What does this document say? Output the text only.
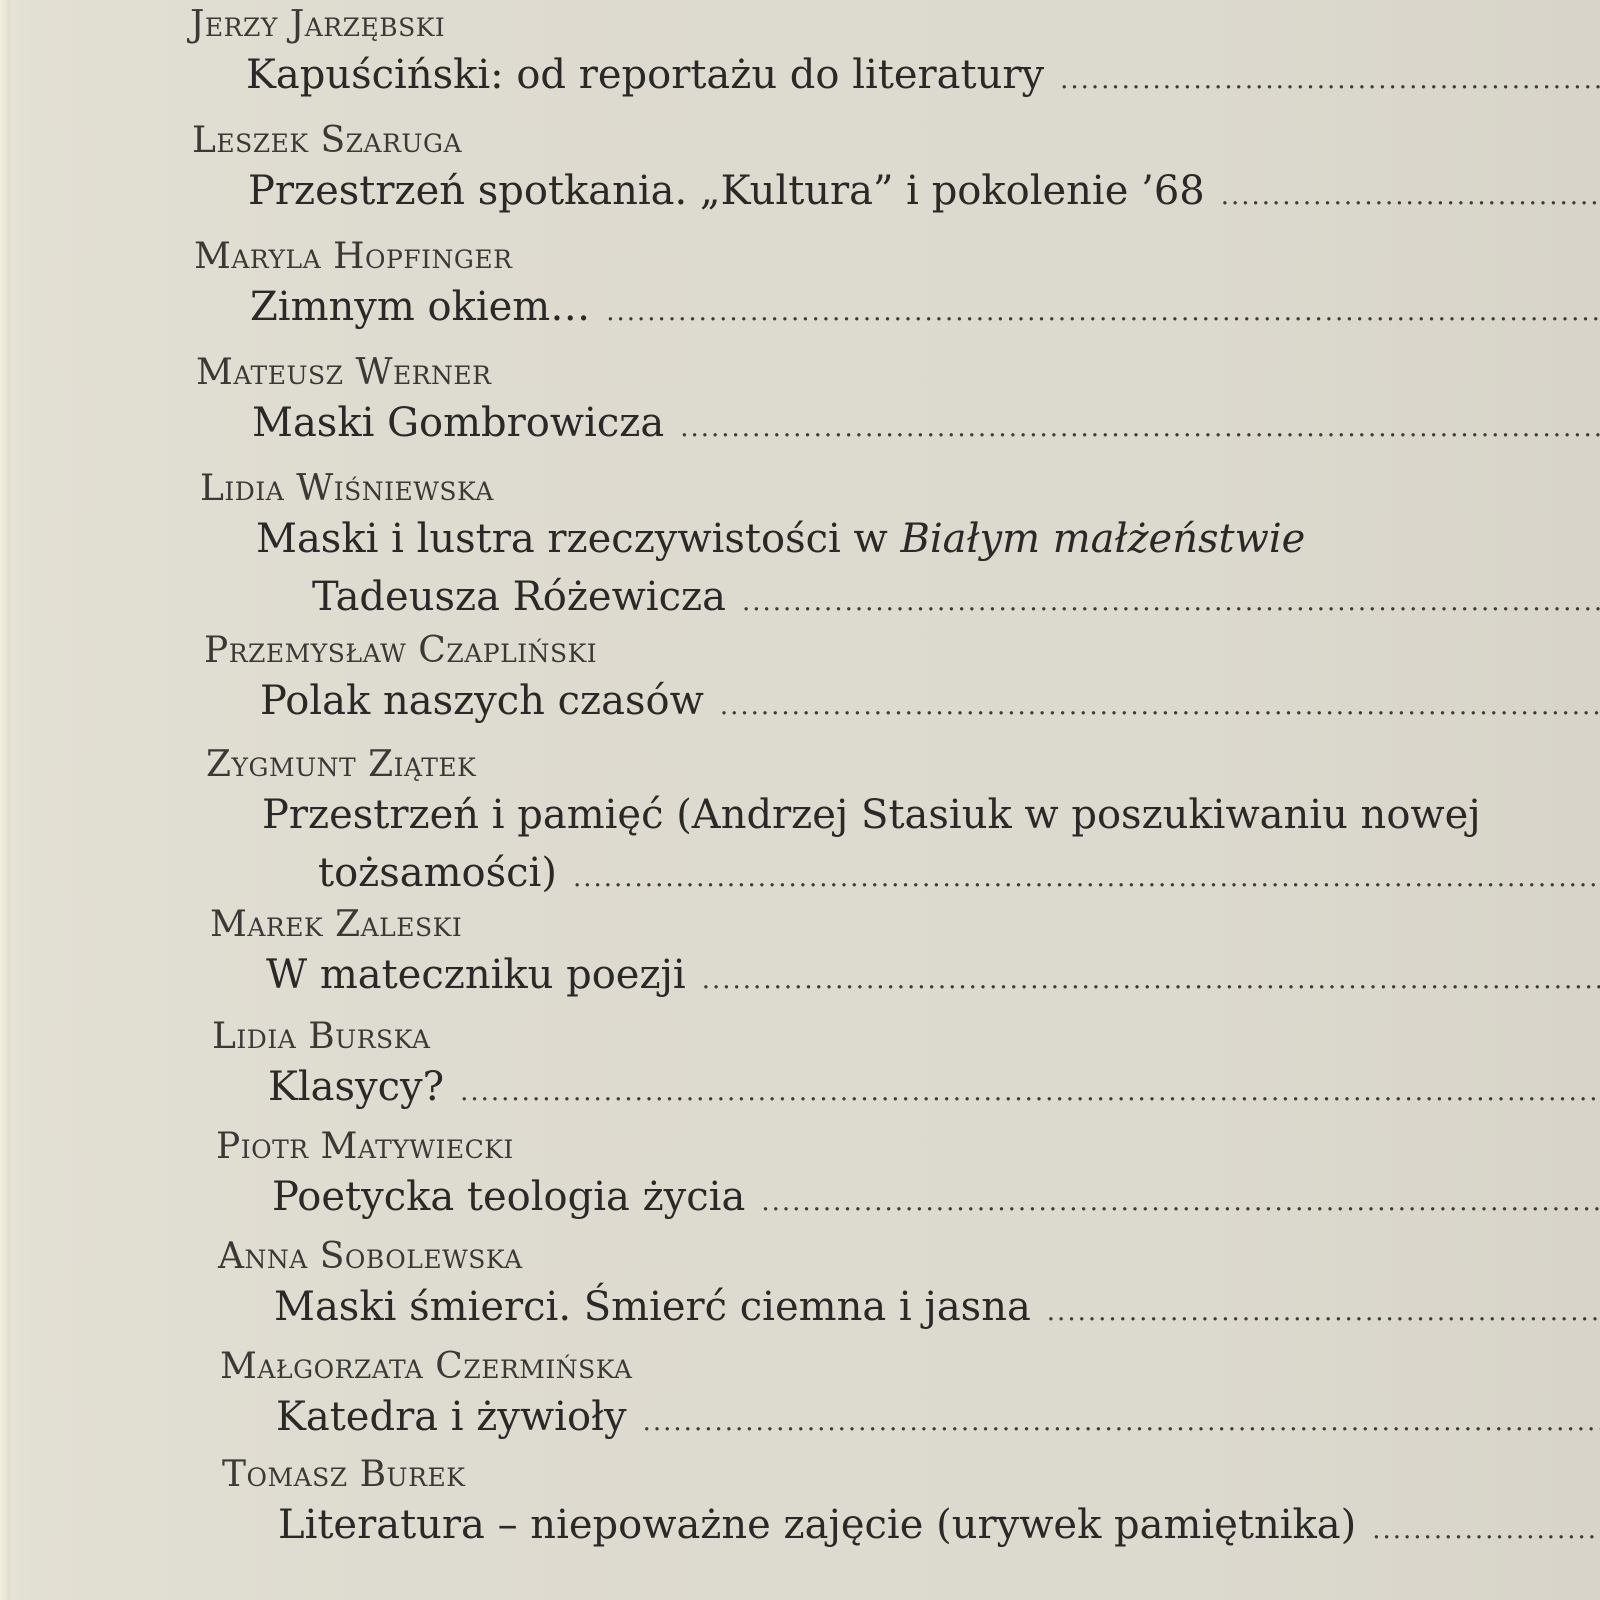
Jerzy Jarzębski
Kapuściński: od reportażu do literatury
.....
Leszek Szaruga
Przestrzeń spotkania. „Kultura” i pokolenie ’68
.....
Maryla Hopfinger
Zimnym okiem…
.....
Mateusz Werner
Maski Gombrowicza
.....
Lidia Wiśniewska
Maski i lustra rzeczywistości w Białym małżeństwie
Tadeusza Różewicza
.....
Przemysław Czapliński
Polak naszych czasów
.....
Zygmunt Ziątek
Przestrzeń i pamięć (Andrzej Stasiuk w poszukiwaniu nowej
tożsamości)
.....
Marek Zaleski
W mateczniku poezji
.....
Lidia Burska
Klasycy?
.....
Piotr Matywiecki
Poetycka teologia życia
.....
Anna Sobolewska
Maski śmierci. Śmierć ciemna i jasna
.....
Małgorzata Czermińska
Katedra i żywioły
.....
Tomasz Burek
Literatura – niepoważne zajęcie (urywek pamiętnika)
.....
